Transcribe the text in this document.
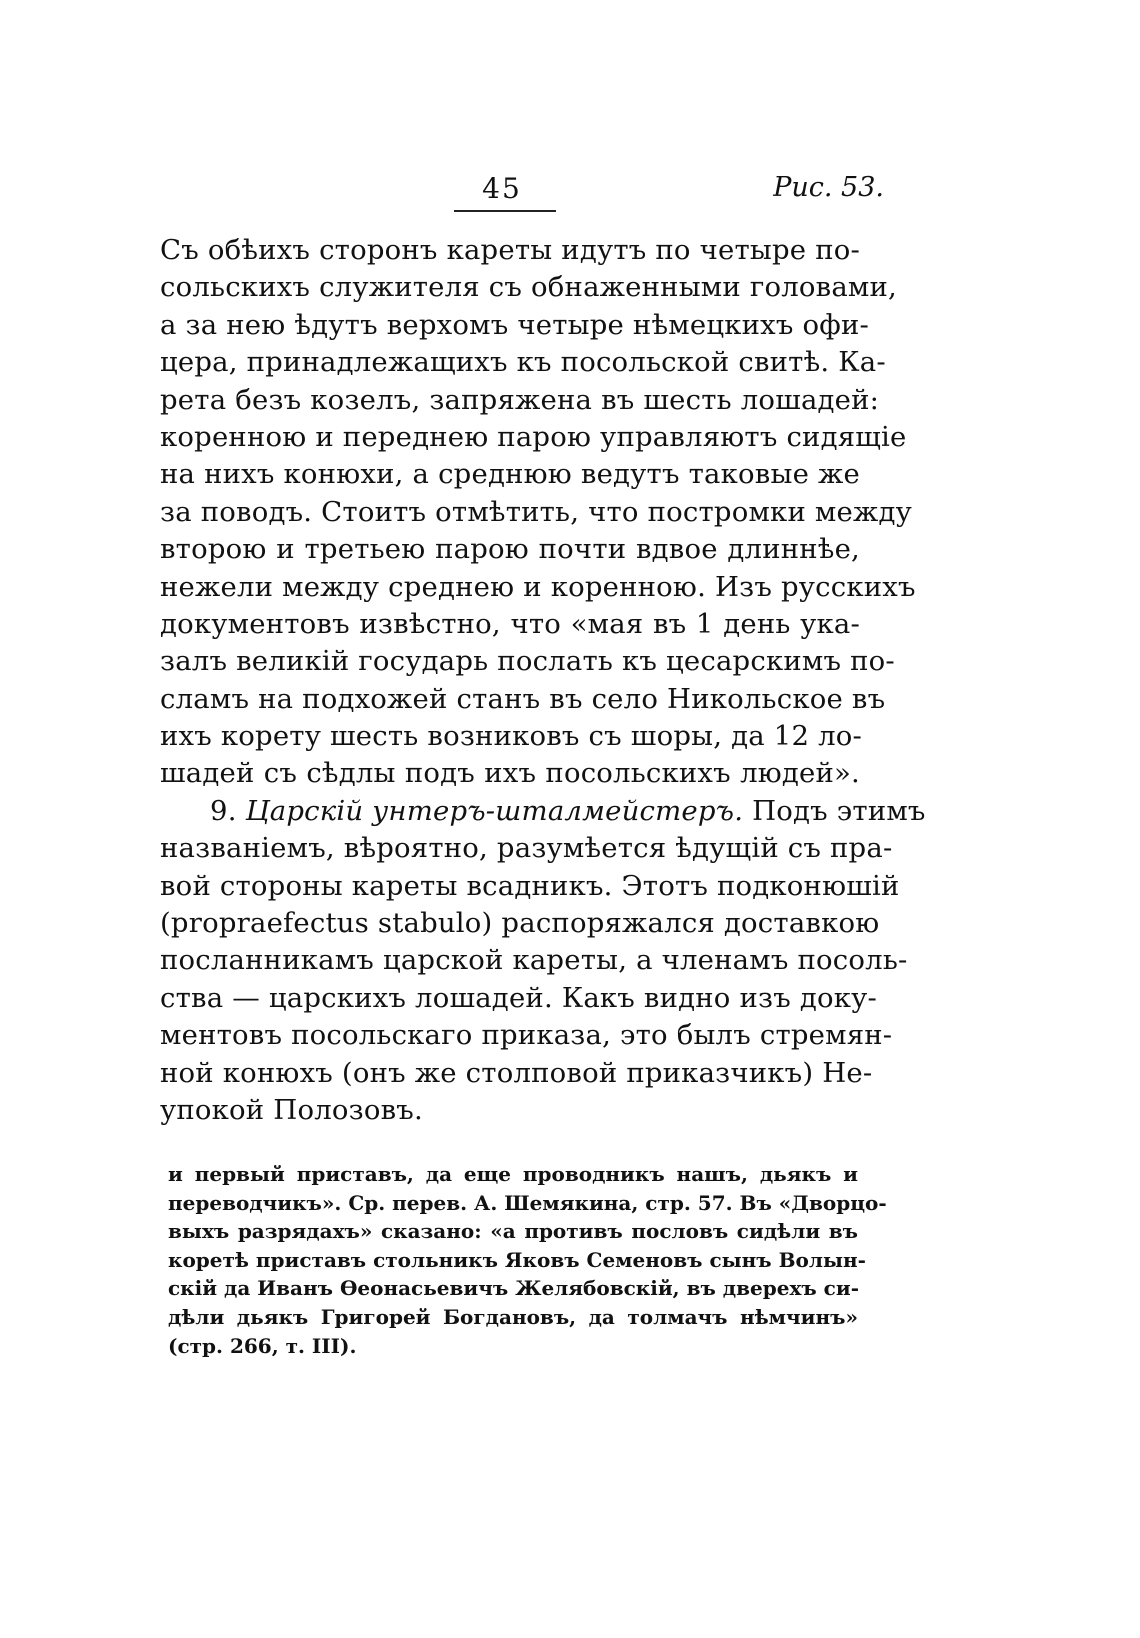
45	Рис. 53.
Съ обѣихъ сторонъ кареты идутъ по четыре по-
сольскихъ служителя съ обнаженными головами,
а за нею ѣдутъ верхомъ четыре нѣмецкихъ офи-
цера, принадлежащихъ къ посольской свитѣ. Ка-
рета безъ козелъ, запряжена въ шесть лошадей:
коренною и переднею парою управляютъ сидящіе
на нихъ конюхи, а среднюю ведутъ таковые же
за поводъ. Стоитъ отмѣтить, что постромки между
второю и третьею парою почти вдвое длиннѣе,
нежели между среднею и коренною. Изъ русскихъ
документовъ извѣстно, что «мая въ 1 день ука-
залъ великій государь послать къ цесарскимъ по-
сламъ на подхожей станъ въ село Никольское въ
ихъ корету шесть возниковъ съ шоры, да 12 ло-
шадей съ сѣдлы подъ ихъ посольскихъ людей».
9. Царскій унтеръ-шталмейстеръ. Подъ этимъ
названіемъ, вѣроятно, разумѣется ѣдущій съ пра-
вой стороны кареты всадникъ. Этотъ подконюшій
(prорraefectus stabulo) распоряжался доставкою
посланникамъ царской кареты, а членамъ посоль-
ства — царскихъ лошадей. Какъ видно изъ доку-
ментовъ посольскаго приказа, это былъ стремян-
ной конюхъ (онъ же столповой приказчикъ) Не-
упокой Полозовъ.
и первый приставъ, да еще проводникъ нашъ, дьякъ и
переводчикъ». Ср. перев. А. Шемякина, стр. 57. Въ «Дворцо-
выхъ разрядахъ» сказано: «а противъ пословъ сидѣли въ
коретѣ приставъ стольникъ Яковъ Семеновъ сынъ Волын-
скій да Иванъ Ѳеонасьевичъ Желябовскій, въ дверехъ си-
дѣли дьякъ Григорей Богдановъ, да толмачъ нѣмчинъ»
(стр. 266, т. III).
